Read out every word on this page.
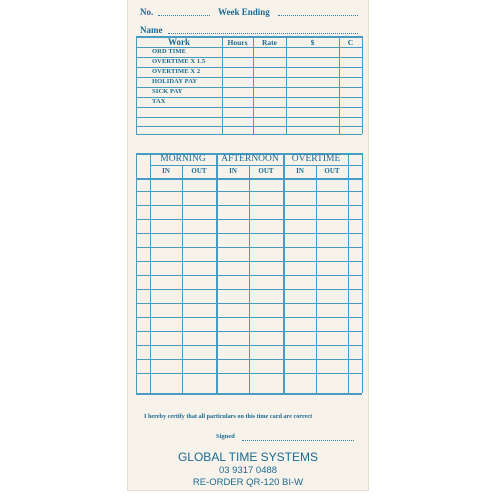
No.	Week Ending
Name
Work	Hours	Rate	$	C
ORD TIME
OVERTIME X 1.5
OVERTIME X 2
HOLIDAY PAY
SICK PAY
TAX
MORNING	AFTERNOON	OVERTIME
IN	OUT	IN	OUT	IN	OUT
I hereby certify that all particulars on this time card are correct
Signed
GLOBAL TIME SYSTEMS
03 9317 0488
RE-ORDER QR-120 BI-W
